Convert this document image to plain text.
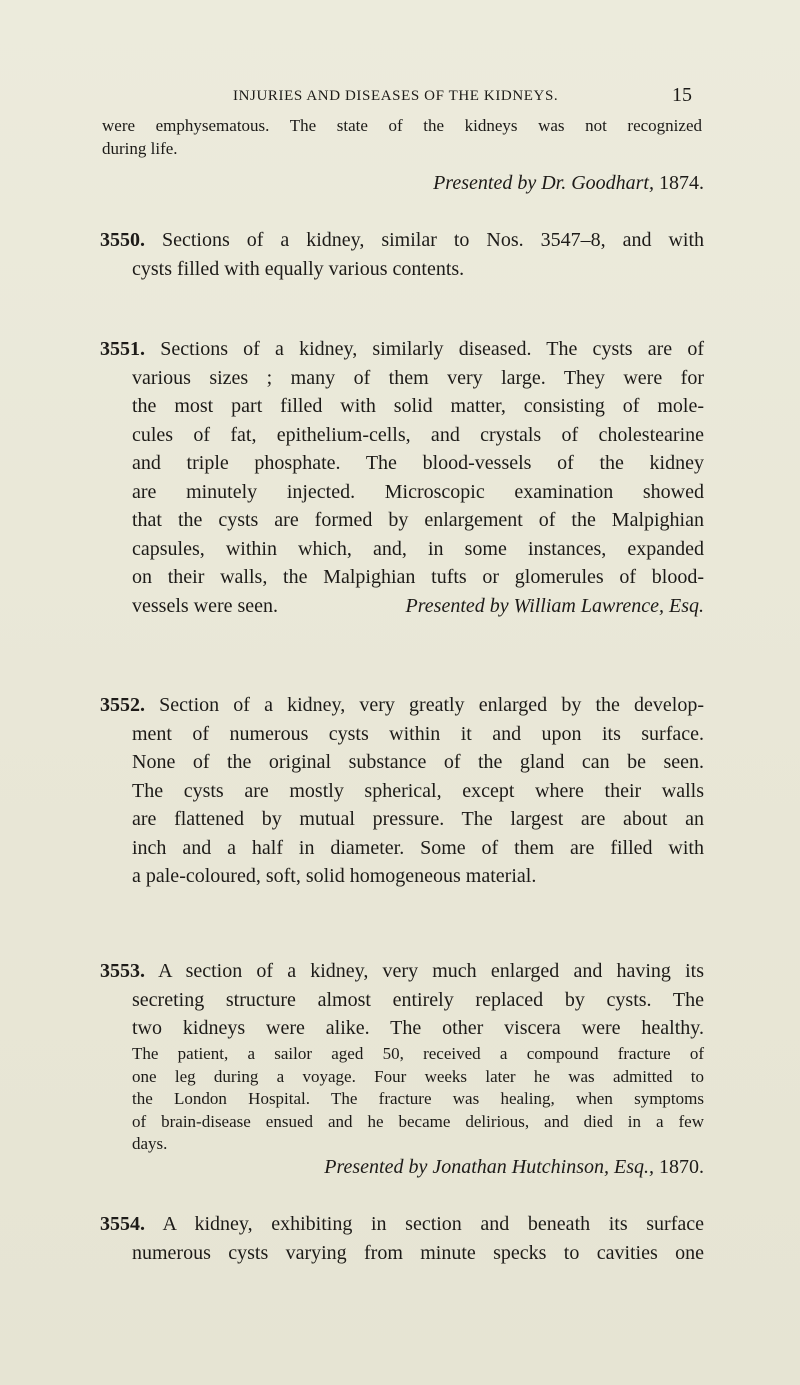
INJURIES AND DISEASES OF THE KIDNEYS.	15
were emphysematous. The state of the kidneys was not recognized
during life.
Presented by Dr. Goodhart, 1874.
3550. Sections of a kidney, similar to Nos. 3547–8, and with
cysts filled with equally various contents.
3551. Sections of a kidney, similarly diseased. The cysts are of
various sizes ; many of them very large. They were for
the most part filled with solid matter, consisting of mole-
cules of fat, epithelium-cells, and crystals of cholestearine
and triple phosphate. The blood-vessels of the kidney
are minutely injected. Microscopic examination showed
that the cysts are formed by enlargement of the Malpighian
capsules, within which, and, in some instances, expanded
on their walls, the Malpighian tufts or glomerules of blood-
vessels were seen.	Presented by William Lawrence, Esq.
3552. Section of a kidney, very greatly enlarged by the develop-
ment of numerous cysts within it and upon its surface.
None of the original substance of the gland can be seen.
The cysts are mostly spherical, except where their walls
are flattened by mutual pressure. The largest are about an
inch and a half in diameter. Some of them are filled with
a pale-coloured, soft, solid homogeneous material.
3553. A section of a kidney, very much enlarged and having its
secreting structure almost entirely replaced by cysts. The
two kidneys were alike. The other viscera were healthy.
The patient, a sailor aged 50, received a compound fracture of
one leg during a voyage. Four weeks later he was admitted to
the London Hospital. The fracture was healing, when symptoms
of brain-disease ensued and he became delirious, and died in a few
days.
Presented by Jonathan Hutchinson, Esq., 1870.
3554. A kidney, exhibiting in section and beneath its surface
numerous cysts varying from minute specks to cavities one
